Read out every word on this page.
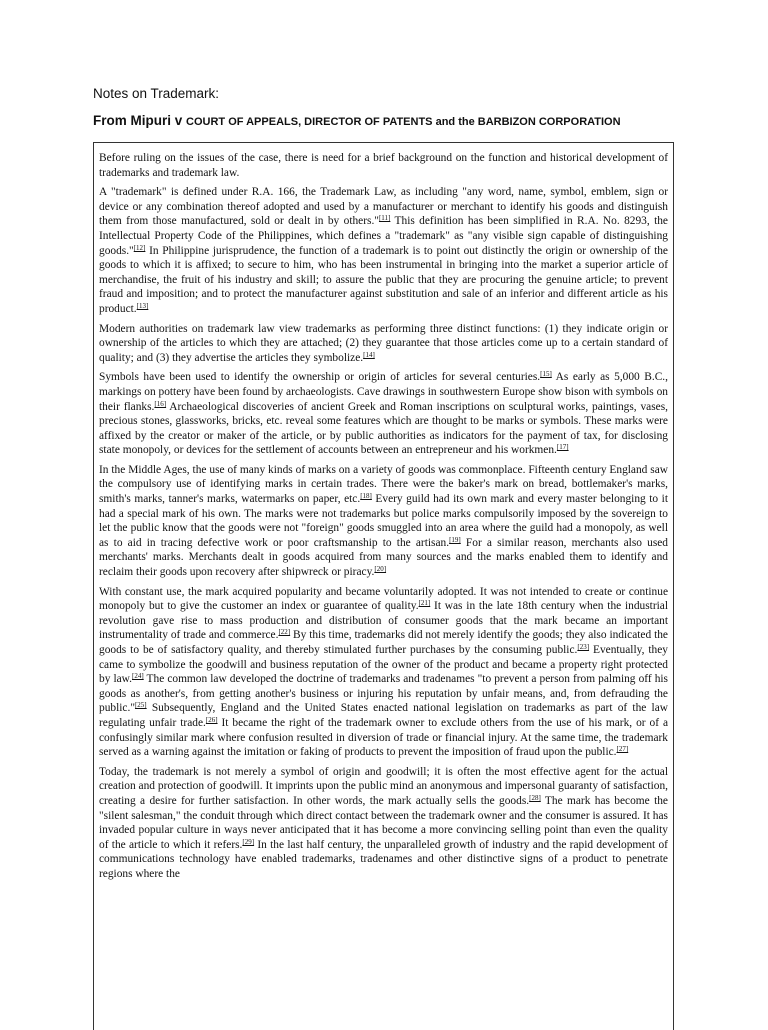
Notes on Trademark:
From Mipuri v COURT OF APPEALS, DIRECTOR OF PATENTS and the BARBIZON CORPORATION

Before ruling on the issues of the case, there is need for a brief background on the function and historical development of trademarks and trademark law.

A "trademark" is defined under R.A. 166, the Trademark Law, as including "any word, name, symbol, emblem, sign or device or any combination thereof adopted and used by a manufacturer or merchant to identify his goods and distinguish them from those manufactured, sold or dealt in by others."[11] This definition has been simplified in R.A. No. 8293, the Intellectual Property Code of the Philippines, which defines a "trademark" as "any visible sign capable of distinguishing goods."[12] In Philippine jurisprudence, the function of a trademark is to point out distinctly the origin or ownership of the goods to which it is affixed; to secure to him, who has been instrumental in bringing into the market a superior article of merchandise, the fruit of his industry and skill; to assure the public that they are procuring the genuine article; to prevent fraud and imposition; and to protect the manufacturer against substitution and sale of an inferior and different article as his product.[13]

Modern authorities on trademark law view trademarks as performing three distinct functions: (1) they indicate origin or ownership of the articles to which they are attached; (2) they guarantee that those articles come up to a certain standard of quality; and (3) they advertise the articles they symbolize.[14]

Symbols have been used to identify the ownership or origin of articles for several centuries.[15] As early as 5,000 B.C., markings on pottery have been found by archaeologists. Cave drawings in southwestern Europe show bison with symbols on their flanks.[16] Archaeological discoveries of ancient Greek and Roman inscriptions on sculptural works, paintings, vases, precious stones, glassworks, bricks, etc. reveal some features which are thought to be marks or symbols. These marks were affixed by the creator or maker of the article, or by public authorities as indicators for the payment of tax, for disclosing state monopoly, or devices for the settlement of accounts between an entrepreneur and his workmen.[17]

In the Middle Ages, the use of many kinds of marks on a variety of goods was commonplace. Fifteenth century England saw the compulsory use of identifying marks in certain trades. There were the baker's mark on bread, bottlemaker's marks, smith's marks, tanner's marks, watermarks on paper, etc.[18] Every guild had its own mark and every master belonging to it had a special mark of his own. The marks were not trademarks but police marks compulsorily imposed by the sovereign to let the public know that the goods were not "foreign" goods smuggled into an area where the guild had a monopoly, as well as to aid in tracing defective work or poor craftsmanship to the artisan.[19] For a similar reason, merchants also used merchants' marks. Merchants dealt in goods acquired from many sources and the marks enabled them to identify and reclaim their goods upon recovery after shipwreck or piracy.[20]

With constant use, the mark acquired popularity and became voluntarily adopted. It was not intended to create or continue monopoly but to give the customer an index or guarantee of quality.[21] It was in the late 18th century when the industrial revolution gave rise to mass production and distribution of consumer goods that the mark became an important instrumentality of trade and commerce.[22] By this time, trademarks did not merely identify the goods; they also indicated the goods to be of satisfactory quality, and thereby stimulated further purchases by the consuming public.[23] Eventually, they came to symbolize the goodwill and business reputation of the owner of the product and became a property right protected by law.[24] The common law developed the doctrine of trademarks and tradenames "to prevent a person from palming off his goods as another's, from getting another's business or injuring his reputation by unfair means, and, from defrauding the public."[25] Subsequently, England and the United States enacted national legislation on trademarks as part of the law regulating unfair trade.[26] It became the right of the trademark owner to exclude others from the use of his mark, or of a confusingly similar mark where confusion resulted in diversion of trade or financial injury. At the same time, the trademark served as a warning against the imitation or faking of products to prevent the imposition of fraud upon the public.[27]

Today, the trademark is not merely a symbol of origin and goodwill; it is often the most effective agent for the actual creation and protection of goodwill. It imprints upon the public mind an anonymous and impersonal guaranty of satisfaction, creating a desire for further satisfaction. In other words, the mark actually sells the goods.[28] The mark has become the "silent salesman," the conduit through which direct contact between the trademark owner and the consumer is assured. It has invaded popular culture in ways never anticipated that it has become a more convincing selling point than even the quality of the article to which it refers.[29] In the last half century, the unparalleled growth of industry and the rapid development of communications technology have enabled trademarks, tradenames and other distinctive signs of a product to penetrate regions where the
